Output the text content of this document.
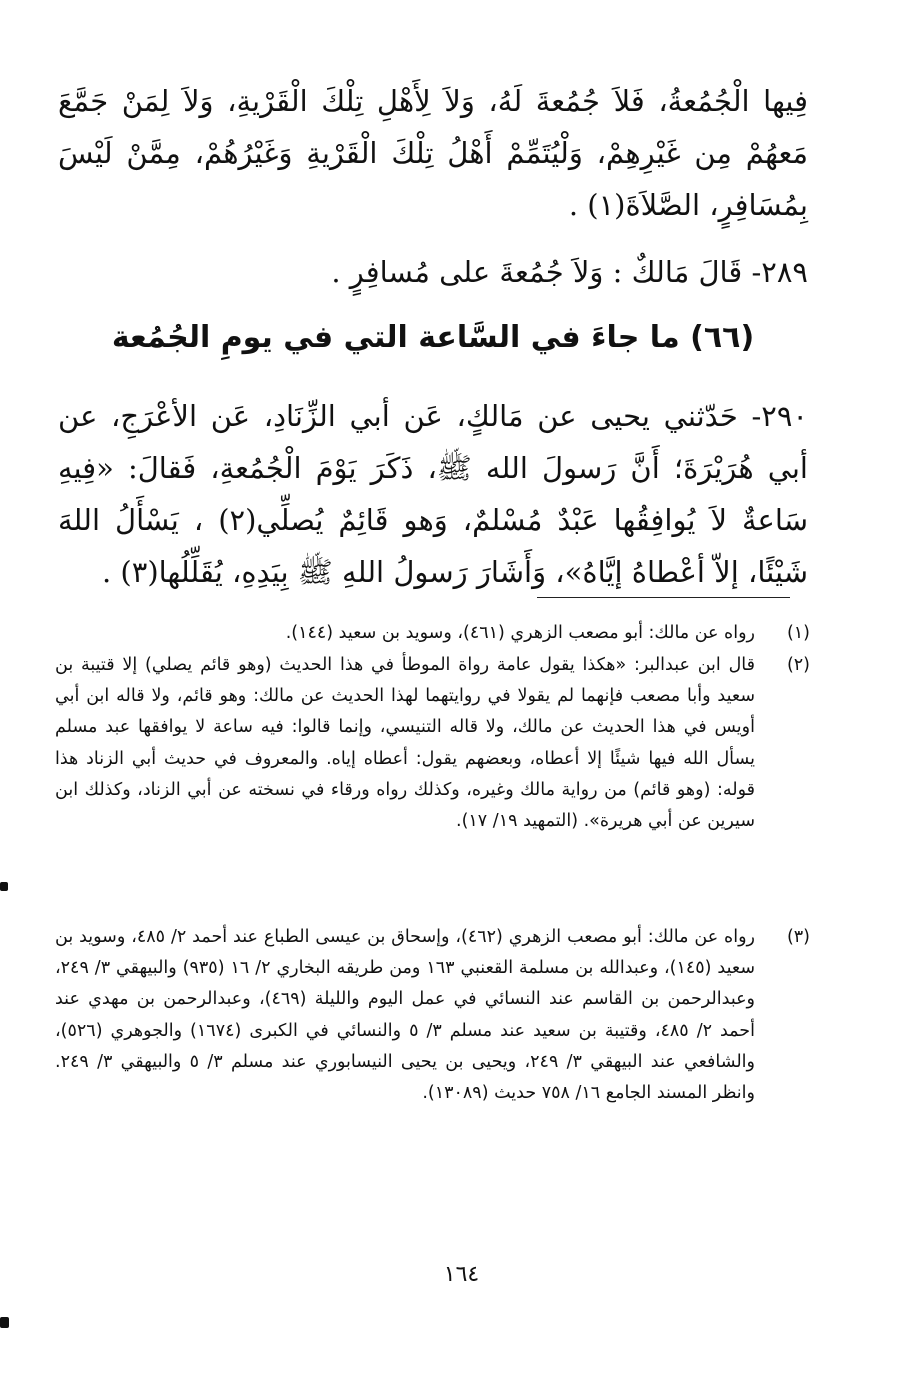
فِيها الْجُمُعةُ، فَلاَ جُمُعةَ لَهُ، وَلاَ لِأَهْلِ تِلْكَ الْقَرْيةِ، وَلاَ لِمَنْ جَمَّعَ مَعهُمْ مِن غَيْرِهِمْ، وَلْيُتَمِّمْ أَهْلُ تِلْكَ الْقَرْيةِ وَغَيْرُهُمْ، مِمَّنْ لَيْسَ بِمُسَافِرٍ، الصَّلاَةَ(١) .
٢٨٩- قَالَ مَالكٌ : وَلاَ جُمُعةَ على مُسافِرٍ .
(٦٦) ما جاءَ في السَّاعة التي في يومِ الجُمُعة
٢٩٠- حَدّثني يحيى عن مَالكٍ، عَن أبي الزِّنَادِ، عَن الأعْرَجِ، عن أبي هُرَيْرَةَ؛ أَنَّ رَسولَ الله ﷺ، ذَكَرَ يَوْمَ الْجُمُعةِ، فَقالَ: «فِيهِ سَاعةٌ لاَ يُوافِقُها عَبْدٌ مُسْلمٌ، وَهو قَائِمٌ يُصلِّي(٢) ، يَسْأَلُ اللهَ شَيْئًا، إلاّ أعْطاهُ إيَّاهُ»، وَأَشَارَ رَسولُ اللهِ ﷺ بِيَدِهِ، يُقَلِّلُها(٣) .
(١)
رواه عن مالك: أبو مصعب الزهري (٤٦١)، وسويد بن سعيد (١٤٤).
(٢)
قال ابن عبدالبر: «هكذا يقول عامة رواة الموطأ في هذا الحديث (وهو قائم يصلي) إلا قتيبة بن سعيد وأبا مصعب فإنهما لم يقولا في روايتهما لهذا الحديث عن مالك: وهو قائم، ولا قاله ابن أبي أويس في هذا الحديث عن مالك، ولا قاله التنيسي، وإنما قالوا: فيه ساعة لا يوافقها عبد مسلم يسأل الله فيها شيئًا إلا أعطاه، وبعضهم يقول: أعطاه إياه. والمعروف في حديث أبي الزناد هذا قوله: (وهو قائم) من رواية مالك وغيره، وكذلك رواه ورقاء في نسخته عن أبي الزناد، وكذلك ابن سيرين عن أبي هريرة». (التمهيد ١٩/ ١٧).
(٣)
رواه عن مالك: أبو مصعب الزهري (٤٦٢)، وإسحاق بن عيسى الطباع عند أحمد ٢/ ٤٨٥، وسويد بن سعيد (١٤٥)، وعبدالله بن مسلمة القعنبي ١٦٣ ومن طريقه البخاري ٢/ ١٦ (٩٣٥) والبيهقي ٣/ ٢٤٩، وعبدالرحمن بن القاسم عند النسائي في عمل اليوم والليلة (٤٦٩)، وعبدالرحمن بن مهدي عند أحمد ٢/ ٤٨٥، وقتيبة بن سعيد عند مسلم ٣/ ٥ والنسائي في الكبرى (١٦٧٤) والجوهري (٥٢٦)، والشافعي عند البيهقي ٣/ ٢٤٩، ويحيى بن يحيى النيسابوري عند مسلم ٣/ ٥ والبيهقي ٣/ ٢٤٩. وانظر المسند الجامع ١٦/ ٧٥٨ حديث (١٣٠٨٩).
١٦٤
